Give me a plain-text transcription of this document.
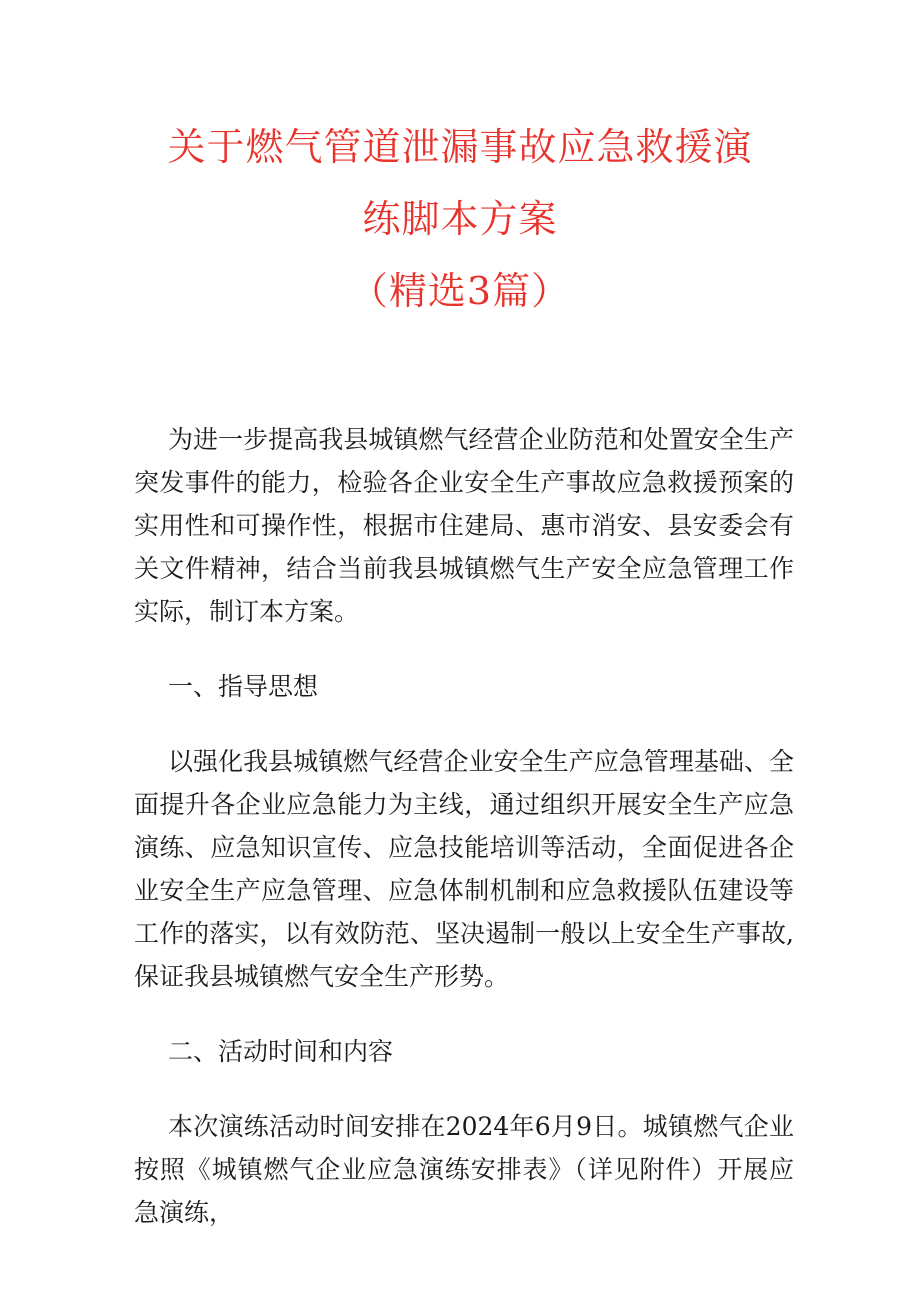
关于燃气管道泄漏事故应急救援演
练脚本方案
（精选3篇）

为进一步提高我县城镇燃气经营企业防范和处置安全生产突发事件的能力，检验各企业安全生产事故应急救援预案的实用性和可操作性，根据市住建局、惠市消安、县安委会有关文件精神，结合当前我县城镇燃气生产安全应急管理工作实际，制订本方案。

一、指导思想

以强化我县城镇燃气经营企业安全生产应急管理基础、全面提升各企业应急能力为主线，通过组织开展安全生产应急演练、应急知识宣传、应急技能培训等活动，全面促进各企业安全生产应急管理、应急体制机制和应急救援队伍建设等工作的落实，以有效防范、坚决遏制一般以上安全生产事故,保证我县城镇燃气安全生产形势。

二、活动时间和内容

本次演练活动时间安排在2024年6月9日。城镇燃气企业按照《城镇燃气企业应急演练安排表》（详见附件）开展应急演练，
